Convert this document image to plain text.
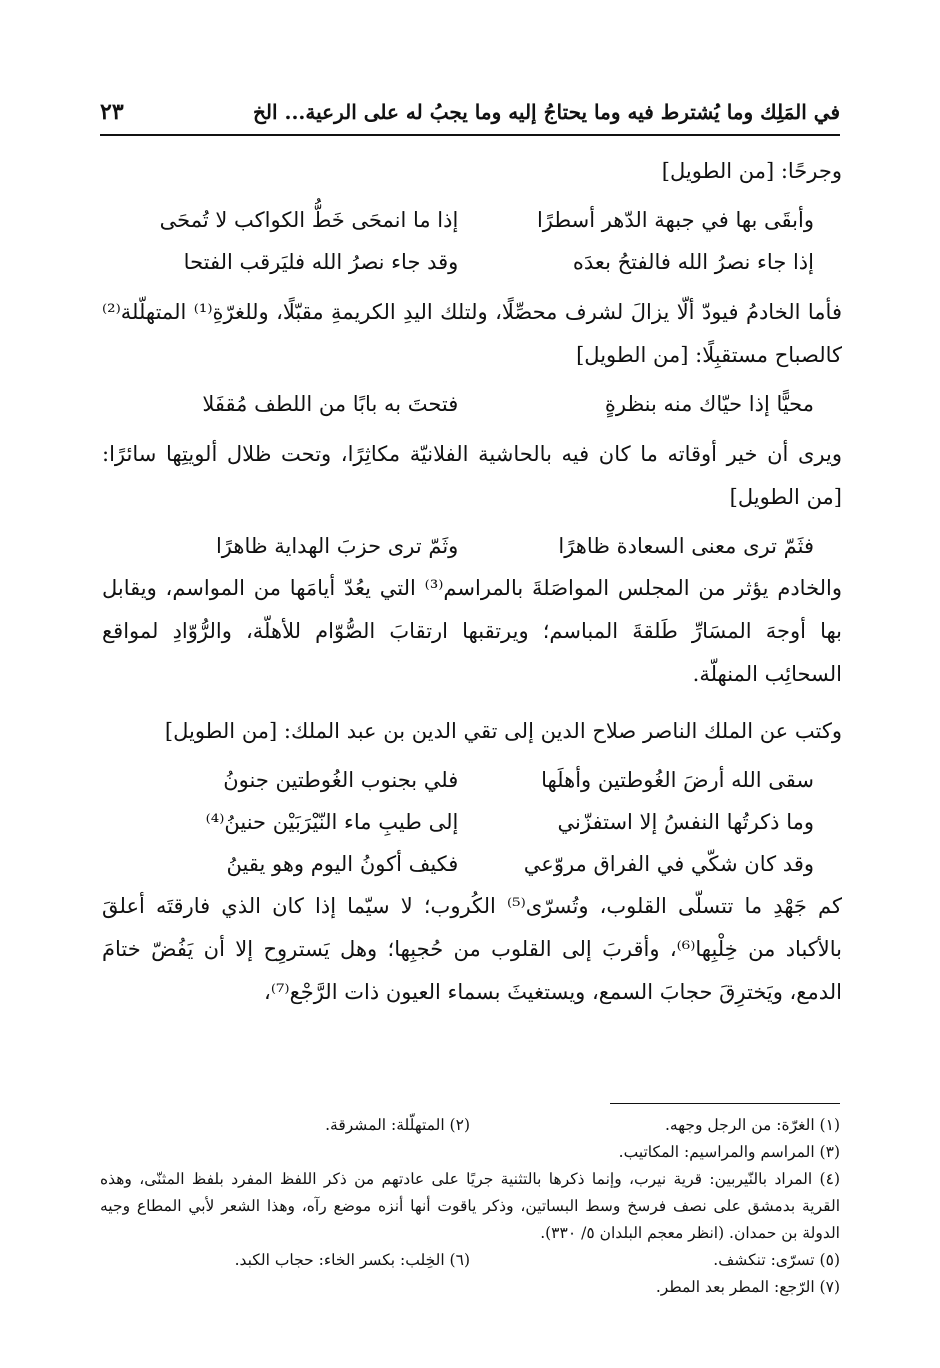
في المَلِك وما يُشترط فيه وما يحتاجُ إليه وما يجبُ له على الرعية... الخ
٢٣

وجرحًا: [من الطويل]

وأبقَى بها في جبهة الدّهر أسطرًا
إذا ما انمحَى خَطُّ الكواكب لا تُمحَى
إذا جاء نصرُ الله فالفتحُ بعدَه
وقد جاء نصرُ الله فليَرقب الفتحا

فأما الخادمُ فيودّ ألّا يزالَ لشرف محصِّلًا، ولتلك اليدِ الكريمةِ مقبّلًا، وللغرّةِ⁽¹⁾ المتهلّلة⁽²⁾ كالصباح مستقبِلًا: [من الطويل]

محيًّا إذا حيّاك منه بنظرةٍ
فتحتَ به بابًا من اللطف مُقفَلا

ويرى أن خير أوقاته ما كان فيه بالحاشية الفلانيّة مكاثِرًا، وتحت ظلال ألويتِها سائرًا: [من الطويل]

فثَمّ ترى معنى السعادة ظاهرًا
وثَمّ ترى حزبَ الهداية ظاهرًا

والخادم يؤثر من المجلس المواصَلةَ بالمراسم⁽³⁾ التي يعُدّ أيامَها من المواسم، ويقابل بها أوجهَ المسَارِّ طَلقةَ المباسم؛ ويرتقبها ارتقابَ الصُّوّام للأهلّة، والرُّوّادِ لمواقع السحائِب المنهلّة.

وكتب عن الملك الناصر صلاح الدين إلى تقي الدين بن عبد الملك: [من الطويل]

سقى الله أرضَ الغُوطتين وأهلَها
فلي بجنوب الغُوطتين جنونُ
وما ذكرتُها النفسُ إلا استفزّني
إلى طيبِ ماء النّيْرَبَيْن حنينُ⁽⁴⁾
وقد كان شكّي في الفراق مروّعي
فكيف أكونُ اليوم وهو يقينُ

كم جَهْدِ ما تتسلّى القلوب، وتُسرّى⁽⁵⁾ الكُروب؛ لا سيّما إذا كان الذي فارقتَه أعلقَ بالأكباد من خِلْبِها⁽⁶⁾، وأقربَ إلى القلوب من حُجبِها؛ وهل يَستروِح إلا أن يَفُضّ ختامَ الدمع، ويَخترِقَ حجابَ السمع، ويستغيثَ بسماء العيون ذات الرَّجْع⁽⁷⁾،

(١) الغرّة: من الرجل وجهه.
(٢) المتهلّلة: المشرقة.
(٣) المراسم والمراسيم: المكاتيب.
(٤) المراد بالنّيربين: قرية نيرب، وإنما ذكرها بالتثنية جريًا على عادتهم من ذكر اللفظ المفرد بلفظ المثنّى، وهذه القرية بدمشق على نصف فرسخ وسط البساتين، وذكر ياقوت أنها أنزه موضع رآه، وهذا الشعر لأبي المطاع وجيه الدولة بن حمدان. (انظر معجم البلدان ٥/ ٣٣٠).
(٥) تسرّى: تنكشف.
(٦) الخِلب: بكسر الخاء: حجاب الكبد.
(٧) الرّجع: المطر بعد المطر.
